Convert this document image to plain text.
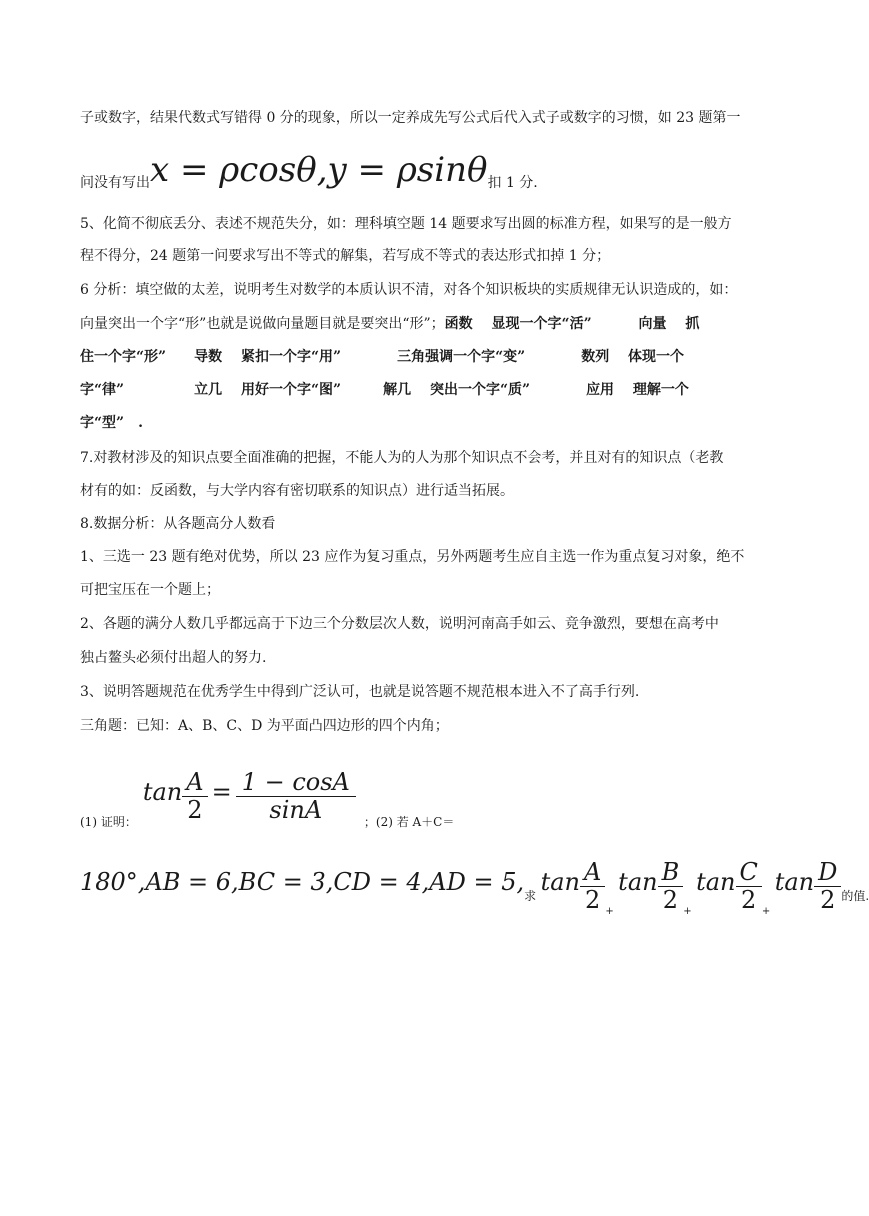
子或数字，结果代数式写错得 0 分的现象，所以一定养成先写公式后代入式子或数字的习惯，如 23 题第一
问没有写出x = ρcosθ,y = ρsinθ扣 1 分.
5、化简不彻底丢分、表述不规范失分，如：理科填空题 14 题要求写出圆的标准方程，如果写的是一般方
程不得分，24 题第一问要求写出不等式的解集，若写成不等式的表达形式扣掉 1 分；
6 分析：填空做的太差，说明考生对数学的本质认识不清，对各个知识板块的实质规律无认识造成的，如：
向量突出一个字“形”也就是说做向量题目就是要突出“形”；函数　 显现一个字“活”　　　 向量　 抓
住一个字“形”　　导数　 紧扣一个字“用”　　　　三角强调一个字“变”　　　　数列　 体现一个
字“律”　　　　　立几　 用好一个字“图”　　　解几　 突出一个字“质”　　　　应用　 理解一个
字“型”　.
7.对教材涉及的知识点要全面准确的把握，不能人为的人为那个知识点不会考，并且对有的知识点（老教
材有的如：反函数，与大学内容有密切联系的知识点）进行适当拓展。
8.数据分析：从各题高分人数看
1、三选一 23 题有绝对优势，所以 23 应作为复习重点，另外两题考生应自主选一作为重点复习对象，绝不
可把宝压在一个题上；
2、各题的满分人数几乎都远高于下边三个分数层次人数，说明河南高手如云、竞争激烈，要想在高考中
独占鳌头必须付出超人的努力.
3、说明答题规范在优秀学生中得到广泛认可，也就是说答题不规范根本进入不了高手行列.
三角题：已知：A、B、C、D 为平面凸四边形的四个内角；
(1) 证明：$\tan \frac{A}{2} = \frac{1 - \cos A}{\sin A}$ ；(2) 若 A＋C＝
180°,AB = 6,BC = 3,CD = 4,AD = 5,求 $\tan \frac{A}{2} _+$ $\tan \frac{B}{2} _+$ $\tan \frac{C}{2} _+$ $\tan \frac{D}{2}$ 的值.
